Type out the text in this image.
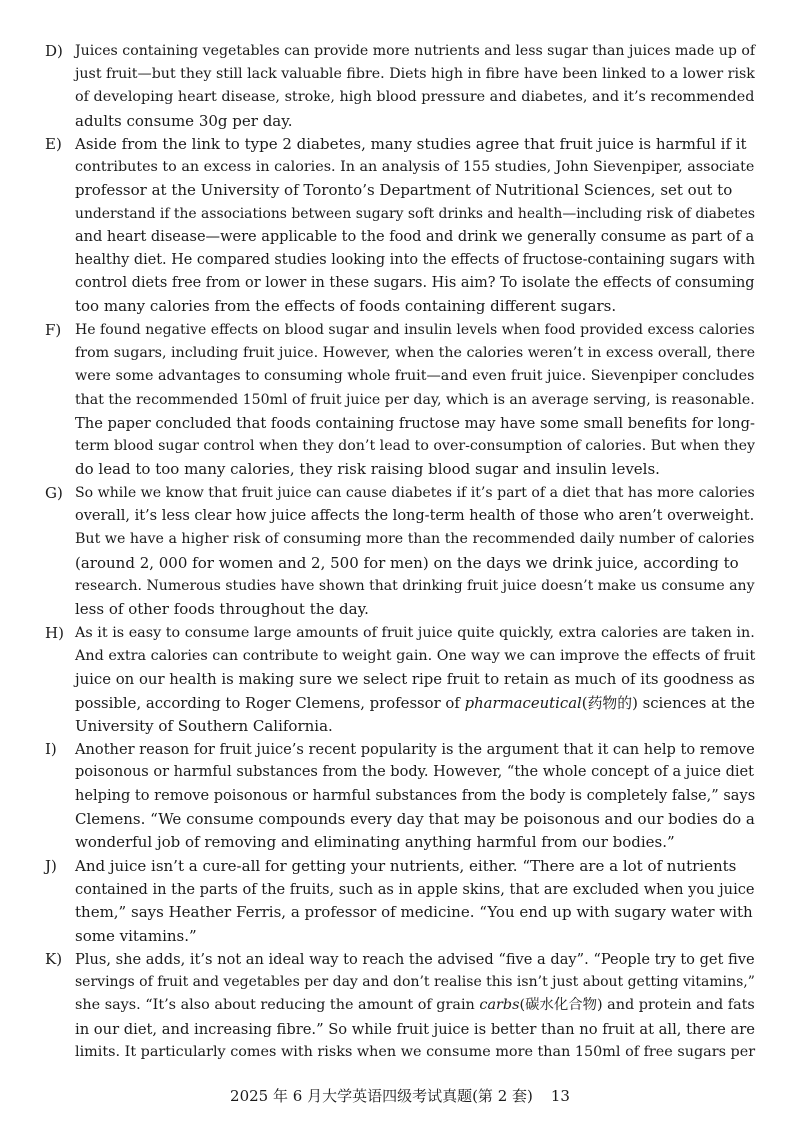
D) Juices containing vegetables can provide more nutrients and less sugar than juices made up of
just fruit—but they still lack valuable fibre. Diets high in fibre have been linked to a lower risk
of developing heart disease, stroke, high blood pressure and diabetes, and it’s recommended
adults consume 30g per day.
E) Aside from the link to type 2 diabetes, many studies agree that fruit juice is harmful if it
contributes to an excess in calories. In an analysis of 155 studies, John Sievenpiper, associate
professor at the University of Toronto’s Department of Nutritional Sciences, set out to
understand if the associations between sugary soft drinks and health—including risk of diabetes
and heart disease—were applicable to the food and drink we generally consume as part of a
healthy diet. He compared studies looking into the effects of fructose-containing sugars with
control diets free from or lower in these sugars. His aim? To isolate the effects of consuming
too many calories from the effects of foods containing different sugars.
F) He found negative effects on blood sugar and insulin levels when food provided excess calories
from sugars, including fruit juice. However, when the calories weren’t in excess overall, there
were some advantages to consuming whole fruit—and even fruit juice. Sievenpiper concludes
that the recommended 150ml of fruit juice per day, which is an average serving, is reasonable.
The paper concluded that foods containing fructose may have some small benefits for long-
term blood sugar control when they don’t lead to over-consumption of calories. But when they
do lead to too many calories, they risk raising blood sugar and insulin levels.
G) So while we know that fruit juice can cause diabetes if it’s part of a diet that has more calories
overall, it’s less clear how juice affects the long-term health of those who aren’t overweight.
But we have a higher risk of consuming more than the recommended daily number of calories
(around 2, 000 for women and 2, 500 for men) on the days we drink juice, according to
research. Numerous studies have shown that drinking fruit juice doesn’t make us consume any
less of other foods throughout the day.
H) As it is easy to consume large amounts of fruit juice quite quickly, extra calories are taken in.
And extra calories can contribute to weight gain. One way we can improve the effects of fruit
juice on our health is making sure we select ripe fruit to retain as much of its goodness as
possible, according to Roger Clemens, professor of pharmaceutical(药物的) sciences at the
University of Southern California.
I)	Another reason for fruit juice’s recent popularity is the argument that it can help to remove
poisonous or harmful substances from the body. However, “the whole concept of a juice diet
helping to remove poisonous or harmful substances from the body is completely false,” says
Clemens. “We consume compounds every day that may be poisonous and our bodies do a
wonderful job of removing and eliminating anything harmful from our bodies.”
J)	And juice isn’t a cure-all for getting your nutrients, either. “There are a lot of nutrients
contained in the parts of the fruits, such as in apple skins, that are excluded when you juice
them,” says Heather Ferris, a professor of medicine. “You end up with sugary water with
some vitamins.”
K) Plus, she adds, it’s not an ideal way to reach the advised “five a day”. “People try to get five
servings of fruit and vegetables per day and don’t realise this isn’t just about getting vitamins,”
she says. “It’s also about reducing the amount of grain carbs(碳水化合物) and protein and fats
in our diet, and increasing fibre.” So while fruit juice is better than no fruit at all, there are
limits. It particularly comes with risks when we consume more than 150ml of free sugars per
2025 年 6 月大学英语四级考试真题(第 2 套) 13
